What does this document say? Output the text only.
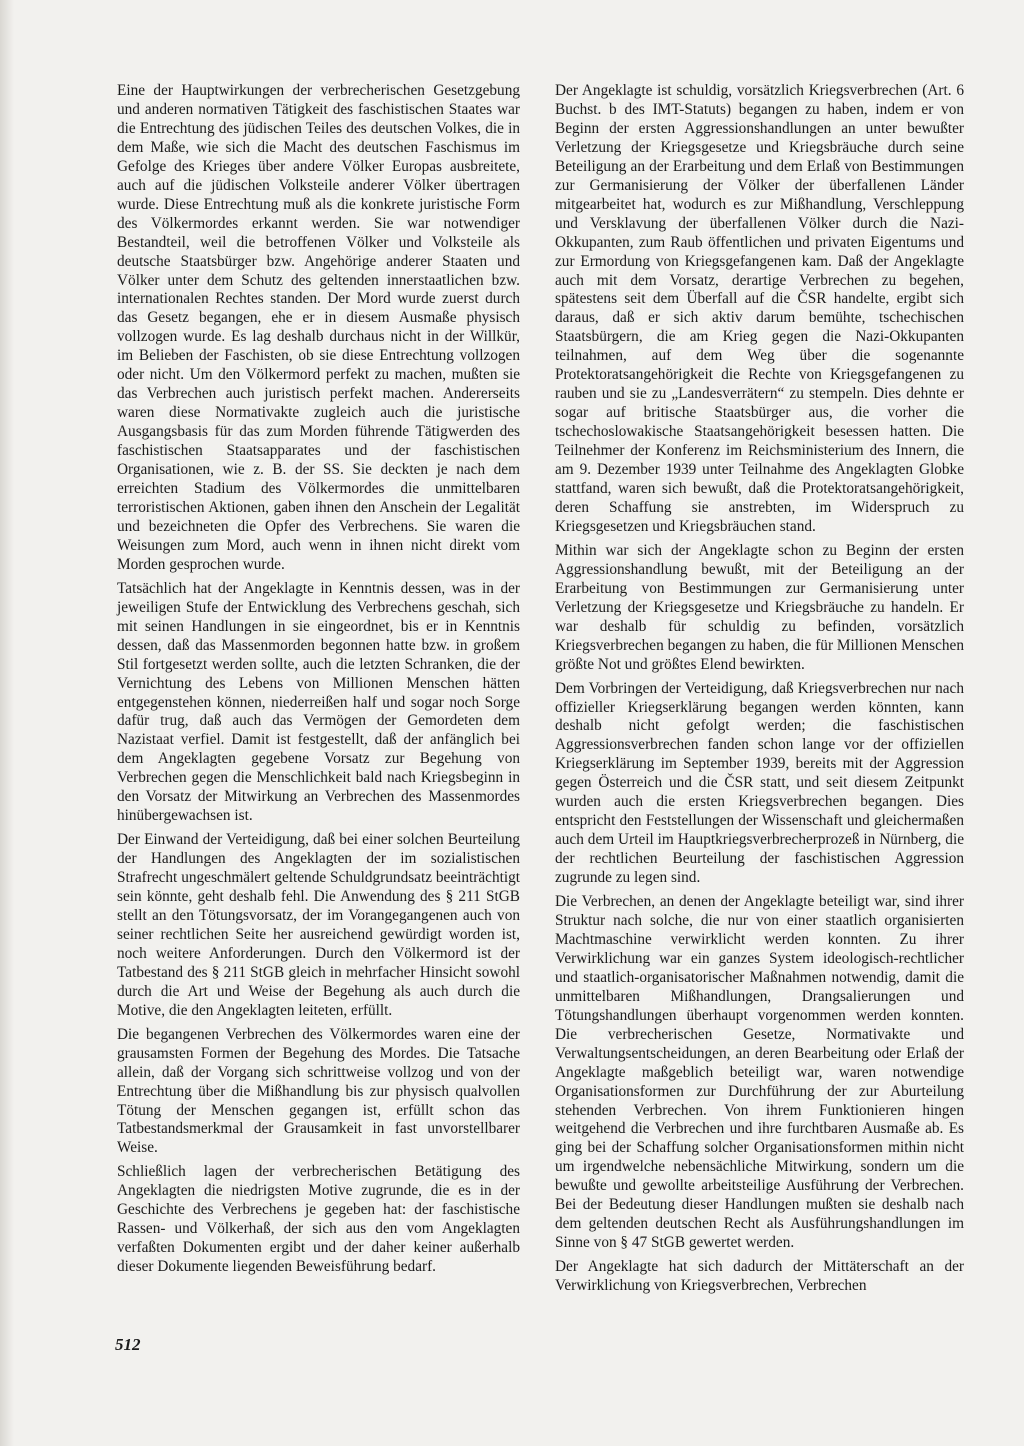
Eine der Hauptwirkungen der verbrecherischen Gesetzgebung und anderen normativen Tätigkeit des faschistischen Staates war die Entrechtung des jüdischen Teiles des deutschen Volkes, die in dem Maße, wie sich die Macht des deutschen Faschismus im Gefolge des Krieges über andere Völker Europas ausbreitete, auch auf die jüdischen Volksteile anderer Völker übertragen wurde. Diese Entrechtung muß als die konkrete juristische Form des Völkermordes erkannt werden. Sie war notwendiger Bestandteil, weil die betroffenen Völker und Volksteile als deutsche Staatsbürger bzw. Angehörige anderer Staaten und Völker unter dem Schutz des geltenden innerstaatlichen bzw. internationalen Rechtes standen. Der Mord wurde zuerst durch das Gesetz begangen, ehe er in diesem Ausmaße physisch vollzogen wurde. Es lag deshalb durchaus nicht in der Willkür, im Belieben der Faschisten, ob sie diese Entrechtung vollzogen oder nicht. Um den Völkermord perfekt zu machen, mußten sie das Verbrechen auch juristisch perfekt machen. Andererseits waren diese Normativakte zugleich auch die juristische Ausgangsbasis für das zum Morden führende Tätigwerden des faschistischen Staatsapparates und der faschistischen Organisationen, wie z. B. der SS. Sie deckten je nach dem erreichten Stadium des Völkermordes die unmittelbaren terroristischen Aktionen, gaben ihnen den Anschein der Legalität und bezeichneten die Opfer des Verbrechens. Sie waren die Weisungen zum Mord, auch wenn in ihnen nicht direkt vom Morden gesprochen wurde.

Tatsächlich hat der Angeklagte in Kenntnis dessen, was in der jeweiligen Stufe der Entwicklung des Verbrechens geschah, sich mit seinen Handlungen in sie eingeordnet, bis er in Kenntnis dessen, daß das Massenmorden begonnen hatte bzw. in großem Stil fortgesetzt werden sollte, auch die letzten Schranken, die der Vernichtung des Lebens von Millionen Menschen hätten entgegenstehen können, niederreißen half und sogar noch Sorge dafür trug, daß auch das Vermögen der Gemordeten dem Nazistaat verfiel. Damit ist festgestellt, daß der anfänglich bei dem Angeklagten gegebene Vorsatz zur Begehung von Verbrechen gegen die Menschlichkeit bald nach Kriegsbeginn in den Vorsatz der Mitwirkung an Verbrechen des Massenmordes hinübergewachsen ist.

Der Einwand der Verteidigung, daß bei einer solchen Beurteilung der Handlungen des Angeklagten der im sozialistischen Strafrecht ungeschmälert geltende Schuldgrundsatz beeinträchtigt sein könnte, geht deshalb fehl. Die Anwendung des § 211 StGB stellt an den Tötungsvorsatz, der im Vorangegangenen auch von seiner rechtlichen Seite her ausreichend gewürdigt worden ist, noch weitere Anforderungen. Durch den Völkermord ist der Tatbestand des § 211 StGB gleich in mehrfacher Hinsicht sowohl durch die Art und Weise der Begehung als auch durch die Motive, die den Angeklagten leiteten, erfüllt.

Die begangenen Verbrechen des Völkermordes waren eine der grausamsten Formen der Begehung des Mordes. Die Tatsache allein, daß der Vorgang sich schrittweise vollzog und von der Entrechtung über die Mißhandlung bis zur physisch qualvollen Tötung der Menschen gegangen ist, erfüllt schon das Tatbestandsmerkmal der Grausamkeit in fast unvorstellbarer Weise.

Schließlich lagen der verbrecherischen Betätigung des Angeklagten die niedrigsten Motive zugrunde, die es in der Geschichte des Verbrechens je gegeben hat: der faschistische Rassen- und Völkerhaß, der sich aus den vom Angeklagten verfaßten Dokumenten ergibt und der daher keiner außerhalb dieser Dokumente liegenden Beweisführung bedarf.

Der Angeklagte ist schuldig, vorsätzlich Kriegsverbrechen (Art. 6 Buchst. b des IMT-Statuts) begangen zu haben, indem er von Beginn der ersten Aggressionshandlungen an unter bewußter Verletzung der Kriegsgesetze und Kriegsbräuche durch seine Beteiligung an der Erarbeitung und dem Erlaß von Bestimmungen zur Germanisierung der Völker der überfallenen Länder mitgearbeitet hat, wodurch es zur Mißhandlung, Verschleppung und Versklavung der überfallenen Völker durch die Nazi-Okkupanten, zum Raub öffentlichen und privaten Eigentums und zur Ermordung von Kriegsgefangenen kam. Daß der Angeklagte auch mit dem Vorsatz, derartige Verbrechen zu begehen, spätestens seit dem Überfall auf die ČSR handelte, ergibt sich daraus, daß er sich aktiv darum bemühte, tschechischen Staatsbürgern, die am Krieg gegen die Nazi-Okkupanten teilnahmen, auf dem Weg über die sogenannte Protektoratsangehörigkeit die Rechte von Kriegsgefangenen zu rauben und sie zu „Landesverrätern“ zu stempeln. Dies dehnte er sogar auf britische Staatsbürger aus, die vorher die tschechoslowakische Staatsangehörigkeit besessen hatten. Die Teilnehmer der Konferenz im Reichsministerium des Innern, die am 9. Dezember 1939 unter Teilnahme des Angeklagten Globke stattfand, waren sich bewußt, daß die Protektoratsangehörigkeit, deren Schaffung sie anstrebten, im Widerspruch zu Kriegsgesetzen und Kriegsbräuchen stand.

Mithin war sich der Angeklagte schon zu Beginn der ersten Aggressionshandlung bewußt, mit der Beteiligung an der Erarbeitung von Bestimmungen zur Germanisierung unter Verletzung der Kriegsgesetze und Kriegsbräuche zu handeln. Er war deshalb für schuldig zu befinden, vorsätzlich Kriegsverbrechen begangen zu haben, die für Millionen Menschen größte Not und größtes Elend bewirkten.

Dem Vorbringen der Verteidigung, daß Kriegsverbrechen nur nach offizieller Kriegserklärung begangen werden könnten, kann deshalb nicht gefolgt werden; die faschistischen Aggressionsverbrechen fanden schon lange vor der offiziellen Kriegserklärung im September 1939, bereits mit der Aggression gegen Österreich und die ČSR statt, und seit diesem Zeitpunkt wurden auch die ersten Kriegsverbrechen begangen. Dies entspricht den Feststellungen der Wissenschaft und gleichermaßen auch dem Urteil im Hauptkriegsverbrecherprozeß in Nürnberg, die der rechtlichen Beurteilung der faschistischen Aggression zugrunde zu legen sind.

Die Verbrechen, an denen der Angeklagte beteiligt war, sind ihrer Struktur nach solche, die nur von einer staatlich organisierten Machtmaschine verwirklicht werden konnten. Zu ihrer Verwirklichung war ein ganzes System ideologisch-rechtlicher und staatlich-organisatorischer Maßnahmen notwendig, damit die unmittelbaren Mißhandlungen, Drangsalierungen und Tötungshandlungen überhaupt vorgenommen werden konnten. Die verbrecherischen Gesetze, Normativakte und Verwaltungsentscheidungen, an deren Bearbeitung oder Erlaß der Angeklagte maßgeblich beteiligt war, waren notwendige Organisationsformen zur Durchführung der zur Aburteilung stehenden Verbrechen. Von ihrem Funktionieren hingen weitgehend die Verbrechen und ihre furchtbaren Ausmaße ab. Es ging bei der Schaffung solcher Organisationsformen mithin nicht um irgendwelche nebensächliche Mitwirkung, sondern um die bewußte und gewollte arbeitsteilige Ausführung der Verbrechen. Bei der Bedeutung dieser Handlungen mußten sie deshalb nach dem geltenden deutschen Recht als Ausführungshandlungen im Sinne von § 47 StGB gewertet werden.

Der Angeklagte hat sich dadurch der Mittäterschaft an der Verwirklichung von Kriegsverbrechen, Verbrechen

512
